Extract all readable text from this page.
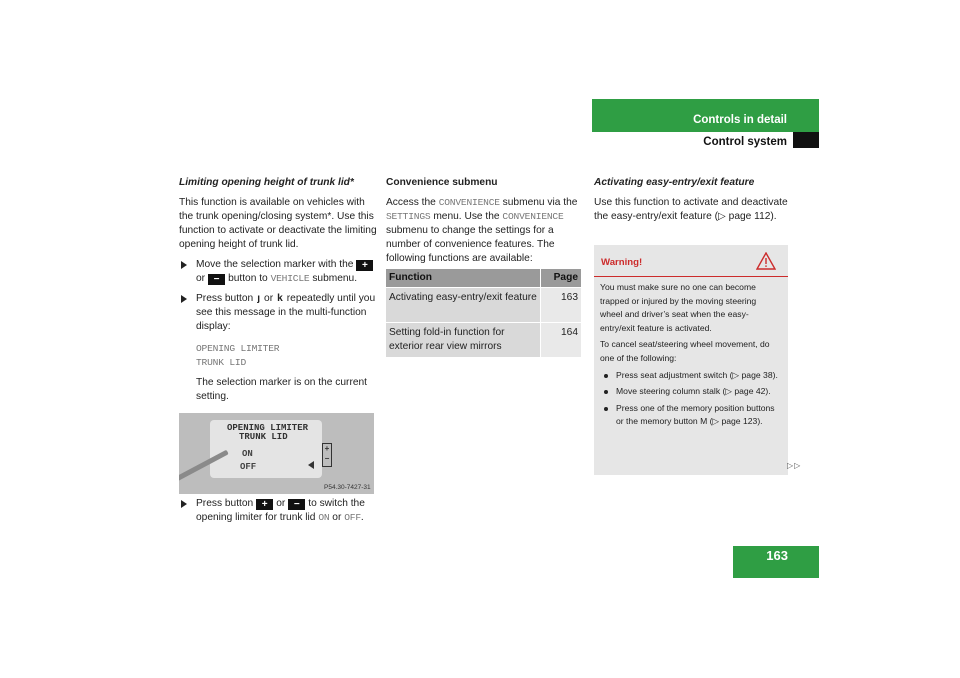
Controls in detail
Control system
Limiting opening height of trunk lid*

This function is available on vehicles with the trunk opening/closing system*. Use this function to activate or deactivate the limiting opening height of trunk lid.

Move the selection marker with the +or − button to VEHICLE submenu.
Press button ȷ or k repeatedly until you see this message in the multi-function display:
OPENING LIMITER
TRUNK LID

The selection marker is on the current setting.

OPENING LIMITER
TRUNK LID
ON
OFF
+
−
P54.30-7427-31
Press button + or − to switch the opening limiter for trunk lid ON or OFF.
Convenience submenu

Access the CONVENIENCE submenu via the SETTINGS menu. Use the CONVENIENCE submenu to change the settings for a number of convenience features. The following functions are available:

Function	Page
Activating easy-entry/exit feature	163
Setting fold-in function for exterior rear view mirrors
164
Activating easy-entry/exit feature

Use this function to activate and deactivate the easy-entry/exit feature (▷ page 112).

Warning!

You must make sure no one can become trapped or injured by the moving steering wheel and driver’s seat when the easy-entry/exit feature is activated.

To cancel seat/steering wheel movement, do one of the following:

Press seat adjustment switch (▷ page 38).
Move steering column stalk (▷ page 42).
Press one of the memory position buttons or the memory button M (▷ page 123).
▷▷
163
